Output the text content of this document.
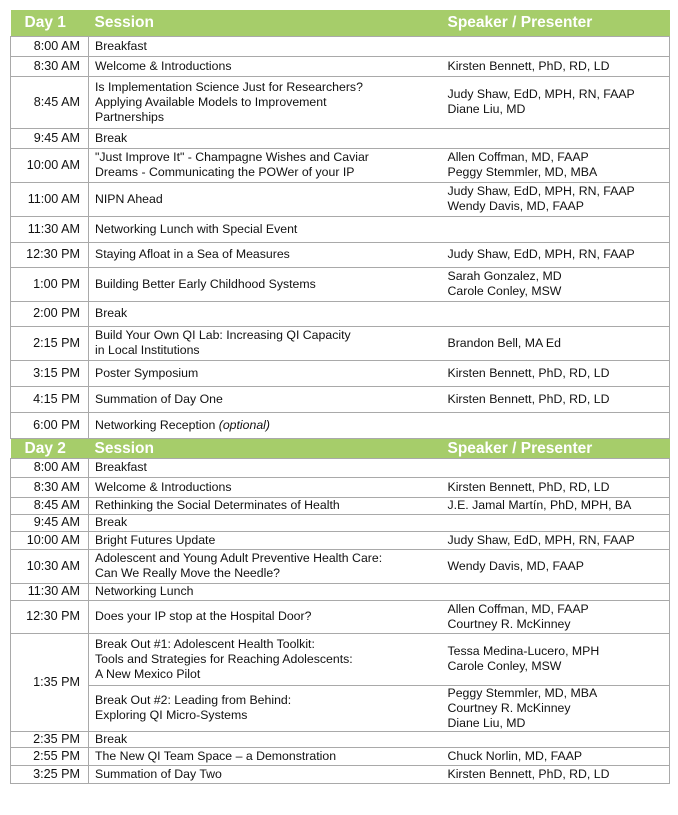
Day 1	Session	Speaker / Presenter
8:00 AM	Breakfast	

8:30 AM	Welcome & Introductions	Kirsten Bennett, PhD, RD, LD

8:45 AM	Is Implementation Science Just for Researchers?
Applying Available Models to Improvement
Partnerships	Judy Shaw, EdD, MPH, RN, FAAP
Diane Liu, MD

9:45 AM	Break	

10:00 AM	"Just Improve It" - Champagne Wishes and Caviar
Dreams - Communicating the POWer of your IP	Allen Coffman, MD, FAAP
Peggy Stemmler, MD, MBA

11:00 AM	NIPN Ahead	Judy Shaw, EdD, MPH, RN, FAAP
Wendy Davis, MD, FAAP

11:30 AM	Networking Lunch with Special Event	

12:30 PM	Staying Afloat in a Sea of Measures	Judy Shaw, EdD, MPH, RN, FAAP

1:00 PM	Building Better Early Childhood Systems	Sarah Gonzalez, MD
Carole Conley, MSW

2:00 PM	Break	

2:15 PM	Build Your Own QI Lab: Increasing QI Capacity
in Local Institutions	Brandon Bell, MA Ed

3:15 PM	Poster Symposium	Kirsten Bennett, PhD, RD, LD

4:15 PM	Summation of Day One	Kirsten Bennett, PhD, RD, LD

6:00 PM	Networking Reception (optional)	
Day 2	Session	Speaker / Presenter
8:00 AM	Breakfast	

8:30 AM	Welcome & Introductions	Kirsten Bennett, PhD, RD, LD

8:45 AM	Rethinking the Social Determinates of Health	J.E. Jamal Martín, PhD, MPH, BA

9:45 AM	Break	

10:00 AM	Bright Futures Update	Judy Shaw, EdD, MPH, RN, FAAP

10:30 AM	Adolescent and Young Adult Preventive Health Care:
Can We Really Move the Needle?	Wendy Davis, MD, FAAP

11:30 AM	Networking Lunch	

12:30 PM	Does your IP stop at the Hospital Door?	Allen Coffman, MD, FAAP
Courtney R. McKinney

1:35 PM	Break Out #1: Adolescent Health Toolkit:
Tools and Strategies for Reaching Adolescents:
A New Mexico Pilot	Tessa Medina-Lucero, MPH
Carole Conley, MSW

	Break Out #2: Leading from Behind:
Exploring QI Micro-Systems	Peggy Stemmler, MD, MBA
Courtney R. McKinney
Diane Liu, MD

2:35 PM	Break	

2:55 PM	The New QI Team Space – a Demonstration	Chuck Norlin, MD, FAAP

3:25 PM	Summation of Day Two	Kirsten Bennett, PhD, RD, LD
